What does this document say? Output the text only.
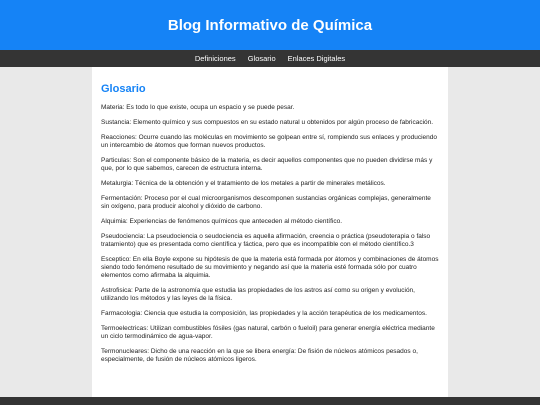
Blog Informativo de Química
Definiciones Glosario Enlaces Digitales
Glosario

Materia: Es todo lo que existe, ocupa un espacio y se puede pesar.

Sustancia: Elemento químico y sus compuestos en su estado natural u obtenidos por algún proceso de fabricación.

Reacciones: Ocurre cuando las moléculas en movimiento se golpean entre sí, rompiendo sus enlaces y produciendo un intercambio de átomos que forman nuevos productos.

Particulas: Son el componente básico de la materia, es decir aquellos componentes que no pueden dividirse más y que, por lo que sabemos, carecen de estructura interna.

Metalurgia: Técnica de la obtención y el tratamiento de los metales a partir de minerales metálicos.

Fermentación: Proceso por el cual microorganismos descomponen sustancias orgánicas complejas, generalmente sin oxígeno, para producir alcohol y dióxido de carbono.

Alquimia: Experiencias de fenómenos químicos que anteceden al método científico.

Pseudociencia: La pseudociencia o seudociencia es aquella afirmación, creencia o práctica (pseudoterapia o falso tratamiento) que es presentada como científica y fáctica, pero que es incompatible con el método científico.3

Esceptico: En ella Boyle expone su hipótesis de que la materia está formada por átomos y combinaciones de átomos siendo todo fenómeno resultado de su movimiento y negando así que la materia esté formada sólo por cuatro elementos como afirmaba la alquimia.

Astrofisica: Parte de la astronomía que estudia las propiedades de los astros así como su origen y evolución, utilizando los métodos y las leyes de la física.

Farmacologia: Ciencia que estudia la composición, las propiedades y la acción terapéutica de los medicamentos.

Termoelectricas: Utilizan combustibles fósiles (gas natural, carbón o fueloil) para generar energía eléctrica mediante un ciclo termodinámico de agua-vapor.

Termonucleares: Dicho de una reacción en la que se libera energía: De fisión de núcleos atómicos pesados o, especialmente, de fusión de núcleos atómicos ligeros.
